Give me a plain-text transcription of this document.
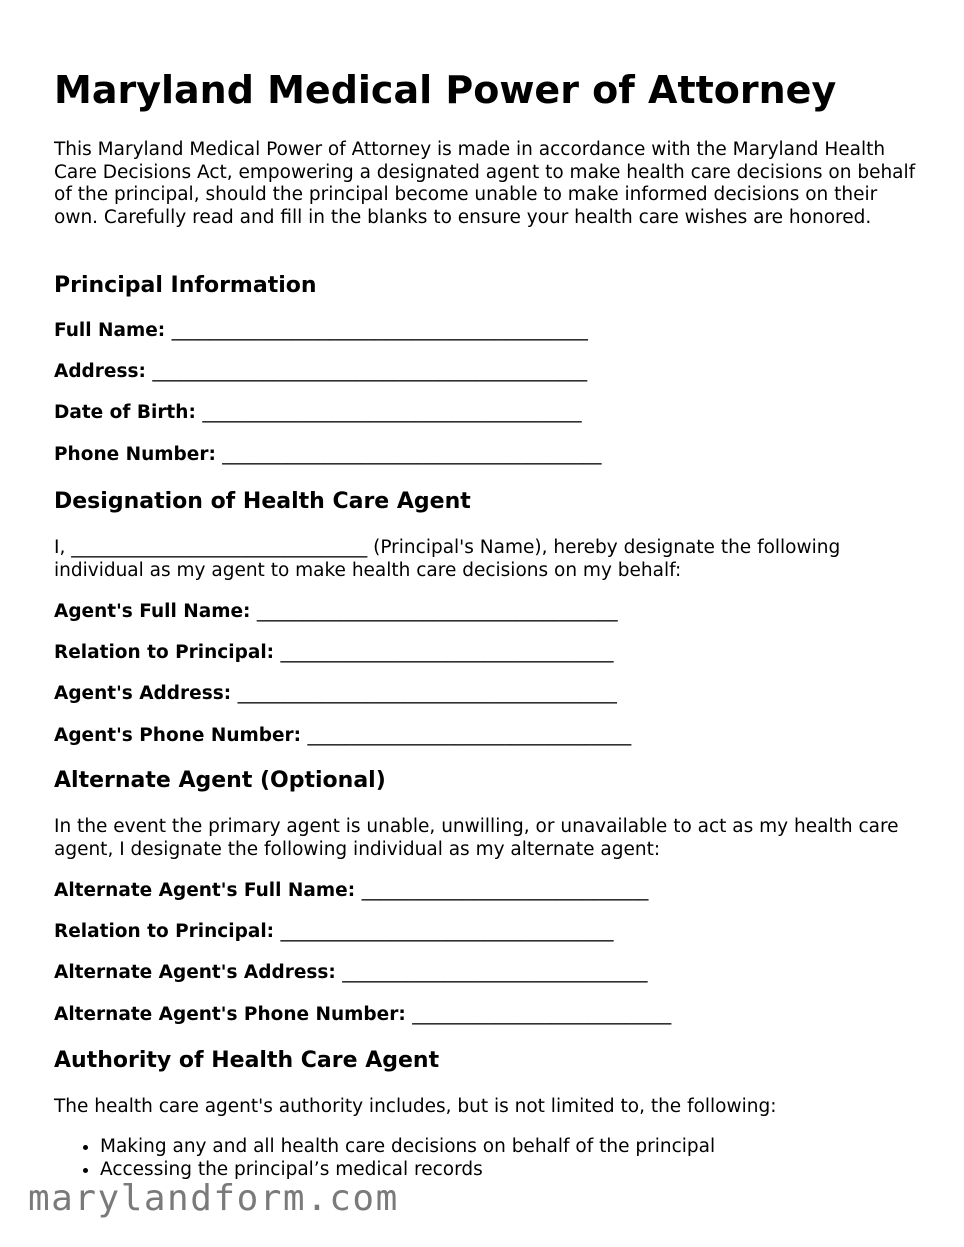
Maryland Medical Power of Attorney

This Maryland Medical Power of Attorney is made in accordance with the Maryland Health Care Decisions Act, empowering a designated agent to make health care decisions on behalf of the principal, should the principal become unable to make informed decisions on their own. Carefully read and fill in the blanks to ensure your health care wishes are honored.

Principal Information

Full Name: _____________________________________________

Address: _______________________________________________

Date of Birth: _________________________________________

Phone Number: _________________________________________

Designation of Health Care Agent

I, ________________________________ (Principal's Name), hereby designate the following individual as my agent to make health care decisions on my behalf:

Agent's Full Name: _______________________________________

Relation to Principal: ____________________________________

Agent's Address: _________________________________________

Agent's Phone Number: ___________________________________

Alternate Agent (Optional)

In the event the primary agent is unable, unwilling, or unavailable to act as my health care agent, I designate the following individual as my alternate agent:

Alternate Agent's Full Name: _______________________________

Relation to Principal: ____________________________________

Alternate Agent's Address: _________________________________

Alternate Agent's Phone Number: ____________________________

Authority of Health Care Agent

The health care agent's authority includes, but is not limited to, the following:

• Making any and all health care decisions on behalf of the principal
• Accessing the principal’s medical records
marylandform.com
